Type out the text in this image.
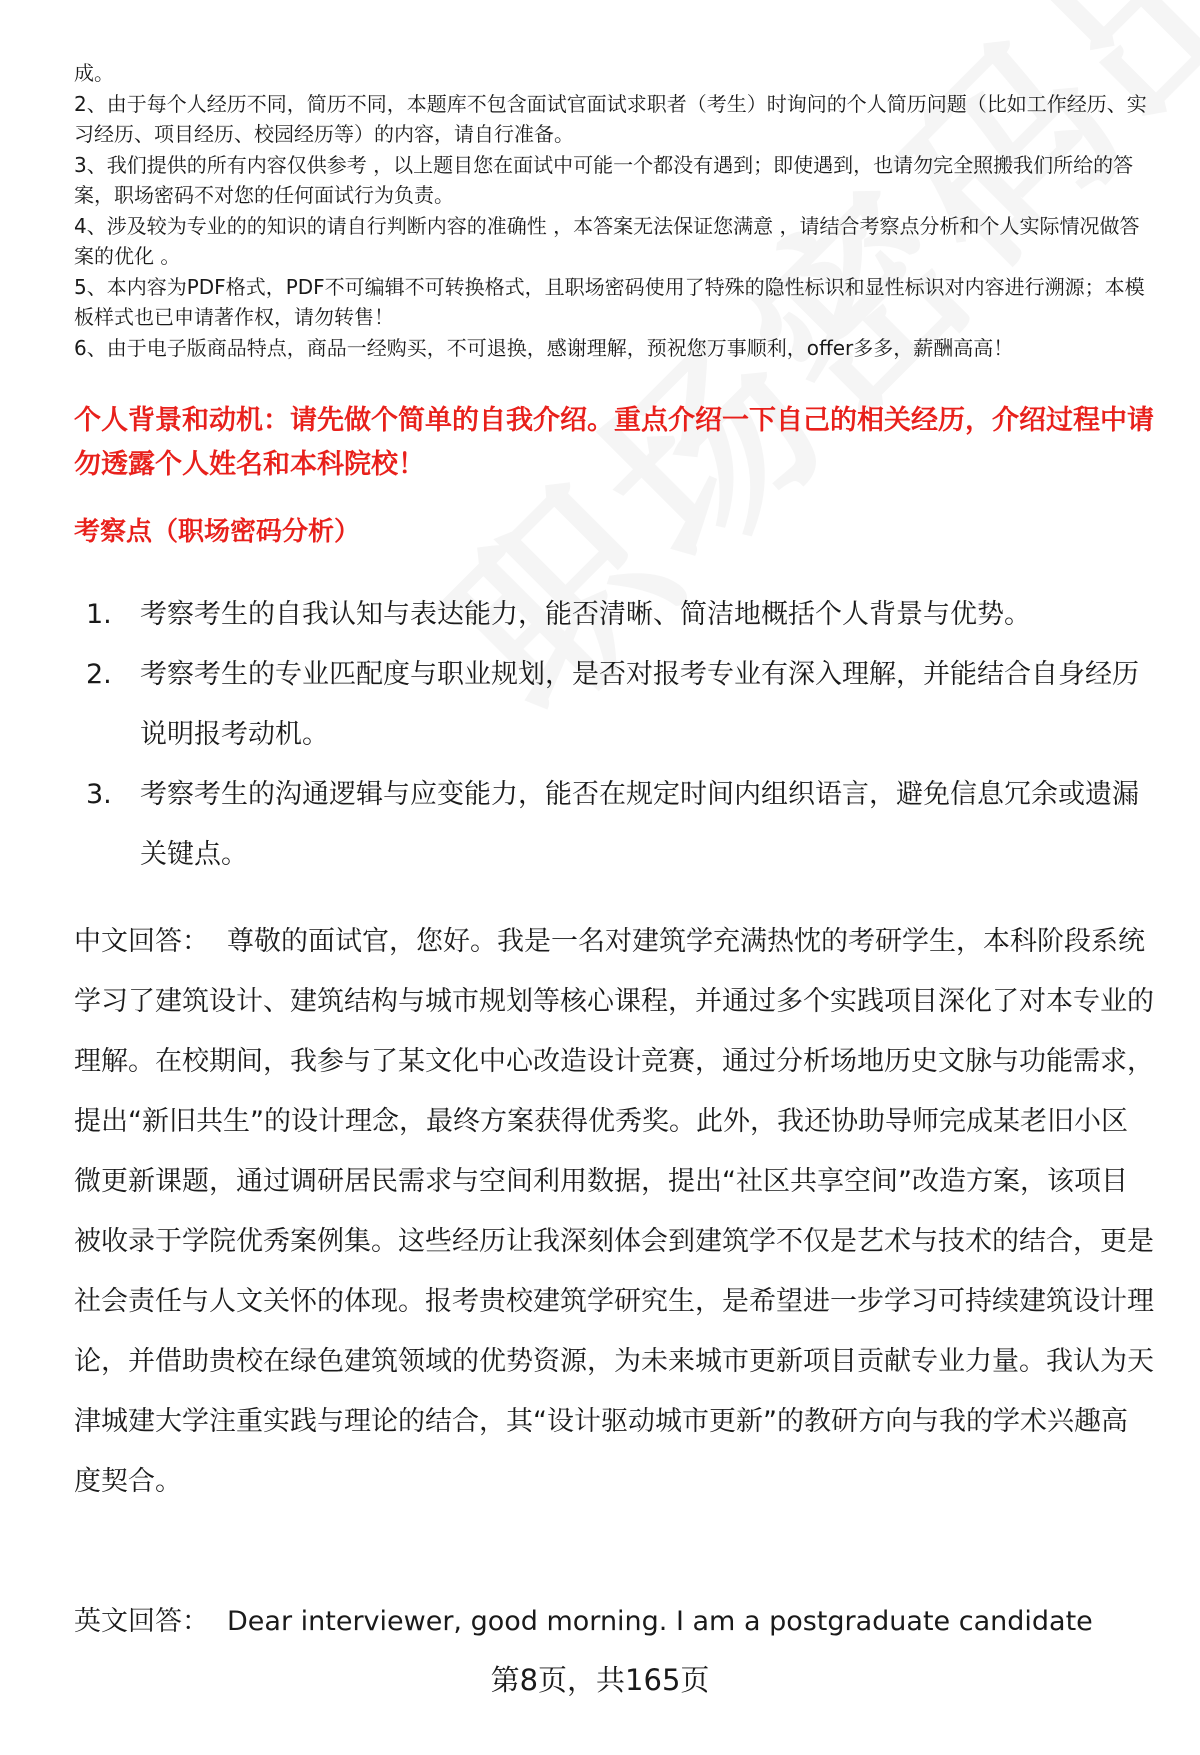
成。

2、由于每个人经历不同，简历不同，本题库不包含面试官面试求职者（考生）时询问的个人简历问题（比如工作经历、实习经历、项目经历、校园经历等）的内容，请自行准备。

3、我们提供的所有内容仅供参考 ，以上题目您在面试中可能一个都没有遇到；即使遇到，也请勿完全照搬我们所给的答案，职场密码不对您的任何面试行为负责。

4、涉及较为专业的的知识的请自行判断内容的准确性 ，本答案无法保证您满意 ，请结合考察点分析和个人实际情况做答案的优化 。

5、本内容为PDF格式，PDF不可编辑不可转换格式，且职场密码使用了特殊的隐性标识和显性标识对内容进行溯源；本模板样式也已申请著作权，请勿转售！

6、由于电子版商品特点，商品一经购买，不可退换，感谢理解，预祝您万事顺利，offer多多，薪酬高高！

个人背景和动机：请先做个简单的自我介绍。重点介绍一下自己的相关经历，介绍过程中请勿透露个人姓名和本科院校！
考察点（职场密码分析）
1.	考察考生的自我认知与表达能力，能否清晰、简洁地概括个人背景与优势。
2.	考察考生的专业匹配度与职业规划，是否对报考专业有深入理解，并能结合自身经历说明报考动机。
3.	考察考生的沟通逻辑与应变能力，能否在规定时间内组织语言，避免信息冗余或遗漏关键点。

中文回答： 尊敬的面试官，您好。我是一名对建筑学充满热忱的考研学生，本科阶段系统学习了建筑设计、建筑结构与城市规划等核心课程，并通过多个实践项目深化了对本专业的理解。在校期间，我参与了某文化中心改造设计竞赛，通过分析场地历史文脉与功能需求，提出“新旧共生”的设计理念，最终方案获得优秀奖。此外，我还协助导师完成某老旧小区微更新课题，通过调研居民需求与空间利用数据，提出“社区共享空间”改造方案，该项目被收录于学院优秀案例集。这些经历让我深刻体会到建筑学不仅是艺术与技术的结合，更是社会责任与人文关怀的体现。报考贵校建筑学研究生，是希望进一步学习可持续建筑设计理论，并借助贵校在绿色建筑领域的优势资源，为未来城市更新项目贡献专业力量。我认为天津城建大学注重实践与理论的结合，其“设计驱动城市更新”的教研方向与我的学术兴趣高度契合。

英文回答： Dear interviewer, good morning. I am a postgraduate candidate

第8页，共165页
